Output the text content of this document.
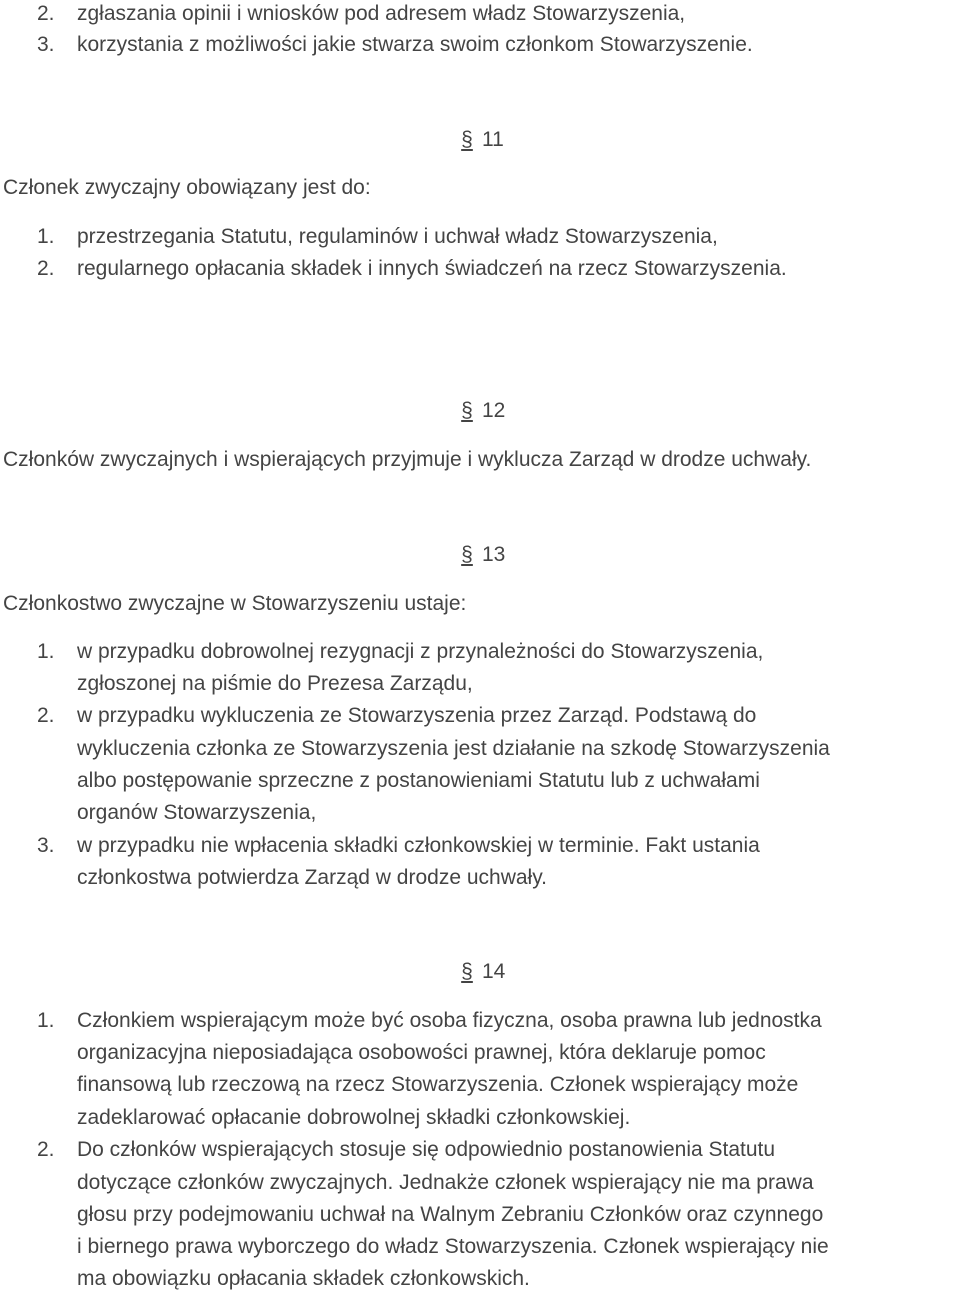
2. zgłaszania opinii i wniosków pod adresem władz Stowarzyszenia,
3. korzystania z możliwości jakie stwarza swoim członkom Stowarzyszenie.
§ 11
Członek zwyczajny obowiązany jest do:
1. przestrzegania Statutu, regulaminów i uchwał władz Stowarzyszenia,
2. regularnego opłacania składek i innych świadczeń na rzecz Stowarzyszenia.
§ 12
Członków zwyczajnych i wspierających przyjmuje i wyklucza Zarząd w drodze uchwały.
§ 13
Członkostwo zwyczajne w Stowarzyszeniu ustaje:
1. w przypadku dobrowolnej rezygnacji z przynależności do Stowarzyszenia,
zgłoszonej na piśmie do Prezesa Zarządu,
2. w przypadku wykluczenia ze Stowarzyszenia przez Zarząd. Podstawą do
wykluczenia członka ze Stowarzyszenia jest działanie na szkodę Stowarzyszenia
albo postępowanie sprzeczne z postanowieniami Statutu lub z uchwałami
organów Stowarzyszenia,
3. w przypadku nie wpłacenia składki członkowskiej w terminie. Fakt ustania
członkostwa potwierdza Zarząd w drodze uchwały.
§ 14
1. Członkiem wspierającym może być osoba fizyczna, osoba prawna lub jednostka
organizacyjna nieposiadająca osobowości prawnej, która deklaruje pomoc
finansową lub rzeczową na rzecz Stowarzyszenia. Członek wspierający może
zadeklarować opłacanie dobrowolnej składki członkowskiej.
2. Do członków wspierających stosuje się odpowiednio postanowienia Statutu
dotyczące członków zwyczajnych. Jednakże członek wspierający nie ma prawa
głosu przy podejmowaniu uchwał na Walnym Zebraniu Członków oraz czynnego
i biernego prawa wyborczego do władz Stowarzyszenia. Członek wspierający nie
ma obowiązku opłacania składek członkowskich.
